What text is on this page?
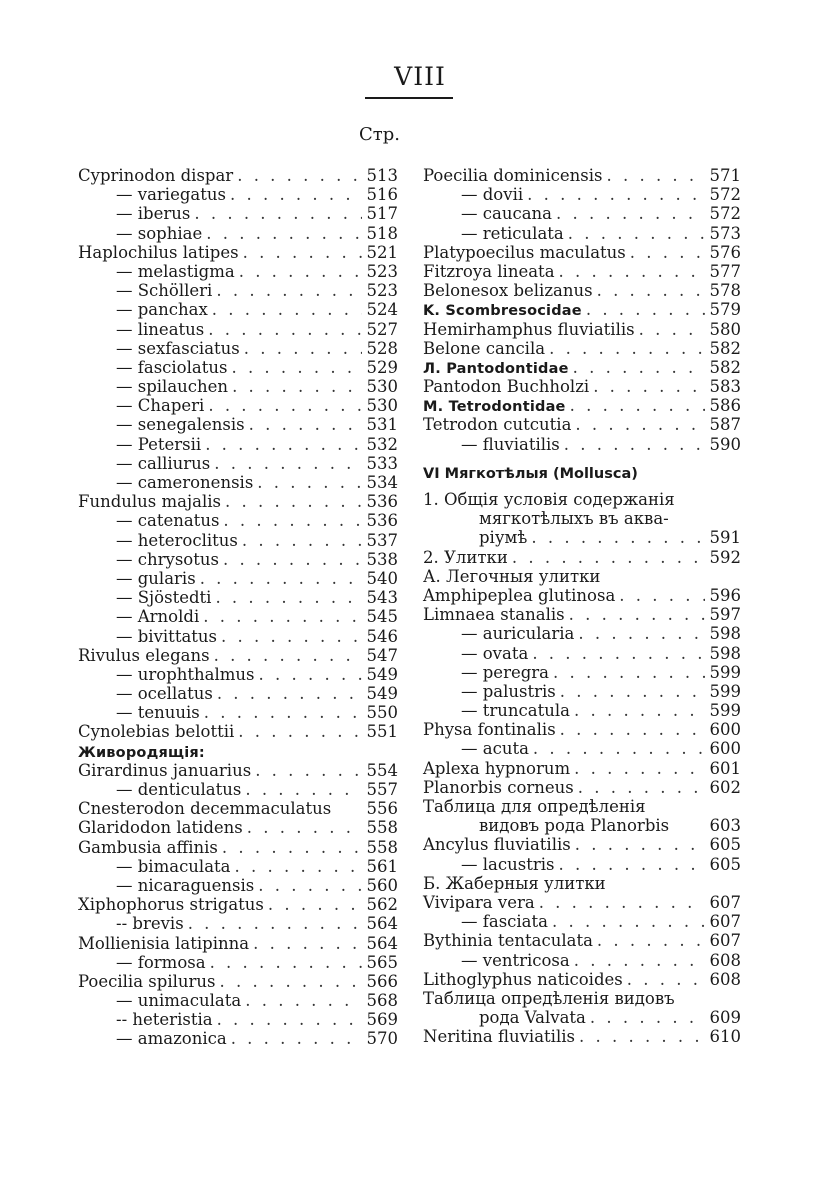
VIII
Стр.
Cyprinodon dispar . . .	513
— variegatus . . .	516
— iberus . . .	517
— sophiae . . .	518
Haplochilus latipes . . .	521
— melastigma . . .	523
— Schölleri . . .	523
— panchax . . .	524
— lineatus . . .	527
— sexfasciatus . . .	528
— fasciolatus . . .	529
— spilauchen . . .	530
— Chaperi . . .	530
— senegalensis . . .	531
— Petersii . . .	532
— calliurus . . .	533
— cameronensis . . .	534
Fundulus majalis . . .	536
— catenatus . . .	536
— heteroclitus . . .	537
— chrysotus . . .	538
— gularis . . .	540
— Sjöstedti . . .	543
— Arnoldi . . .	545
— bivittatus . . .	546
Rivulus elegans . . .	547
— urophthalmus . . .	549
— ocellatus . . .	549
— tenuuis . . .	550
Cynolebias belottii . . .	551
Живородящія:
Girardinus januarius . . .	554
— denticulatus . . .	557
Cnesterodon decemmaculatus 556
Glaridodon latidens . . .	558
Gambusia affinis . . .	558
— bimaculata . . .	561
— nicaraguensis . . .	560
Xiphophorus strigatus . . .	562
-- brevis . . .	564
Mollienisia latipinna . . .	564
— formosa . . .	565
Poecilia spilurus . . .	566
— unimaculata . . .	568
-- heteristia . . .	569
— amazonica . . .	570
Poecilia dominicensis . . .	571
— dovii . . .	572
— caucana . . .	572
— reticulata . . .	573
Platypoecilus maculatus . . .	576
Fitzroya lineata . . .	577
Belonesox belizanus . . .	578
K. Scombresocidae . . .	579
Hemirhamphus fluviatilis . . .	580
Belone cancila . . .	582
Л. Pantodontidae . . .	582
Pantodon Buchholzi . . .	583
M. Tetrodontidae . . .	586
Tetrodon cutcutia . . .	587
— fluviatilis . . .	590
VI Мягкотѣлыя (Mollusca)
1. Общія условія содержанія
мягкотѣлыхъ въ аква-
ріумѣ . . .	591
2. Улитки . . .	592
А. Легочныя улитки
Amphipeplea glutinosa . . .	596
Limnaea stanalis . . .	597
— auricularia . . .	598
— ovata . . .	598
— peregra . . .	599
— palustris . . .	599
— truncatula . . .	599
Physa fontinalis . . .	600
— acuta . . .	600
Aplexa hypnorum . . .	601
Planorbis corneus . . .	602
Таблица для опредѣленія
видовъ рода Planorbis 603
Ancylus fluviatilis . . .	605
— lacustris . . .	605
Б. Жаберныя улитки
Vivipara vera . . .	607
— fasciata . . .	607
Bythinia tentaculata . . .	607
— ventricosa . . .	608
Lithoglyphus naticoides . . .	608
Таблица опредѣленія видовъ
рода Valvata . . .	609
Neritina fluviatilis . . .	610
